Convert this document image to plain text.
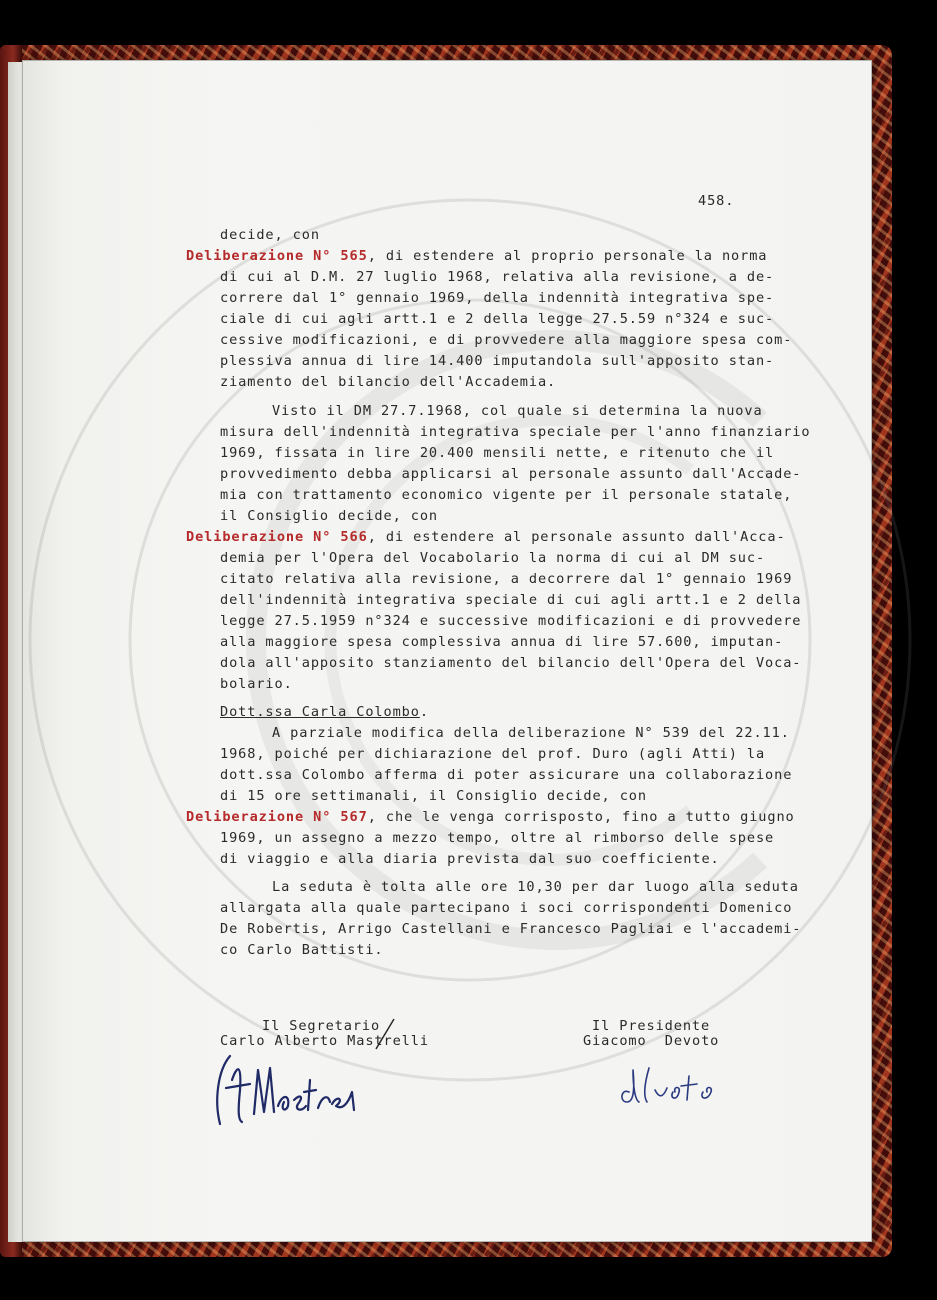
458.
decide, con
Deliberazione N° 565, di estendere al proprio personale la norma
di cui al D.M. 27 luglio 1968, relativa alla revisione, a de-
correre dal 1° gennaio 1969, della indennità integrativa spe-
ciale di cui agli artt.1 e 2 della legge 27.5.59 n°324 e suc-
cessive modificazioni, e di provvedere alla maggiore spesa com-
plessiva annua di lire 14.400 imputandola sull'apposito stan-
ziamento del bilancio dell'Accademia.
Visto il DM 27.7.1968, col quale si determina la nuova
misura dell'indennità integrativa speciale per l'anno finanziario
1969, fissata in lire 20.400 mensili nette, e ritenuto che il
provvedimento debba applicarsi al personale assunto dall'Accade-
mia con trattamento economico vigente per il personale statale,
il Consiglio decide, con
Deliberazione N° 566, di estendere al personale assunto dall'Acca-
demia per l'Opera del Vocabolario la norma di cui al DM suc-
citato relativa alla revisione, a decorrere dal 1° gennaio 1969
dell'indennità integrativa speciale di cui agli artt.1 e 2 della
legge 27.5.1959 n°324 e successive modificazioni e di provvedere
alla maggiore spesa complessiva annua di lire 57.600, imputan-
dola all'apposito stanziamento del bilancio dell'Opera del Voca-
bolario.
Dott.ssa Carla Colombo.
A parziale modifica della deliberazione N° 539 del 22.11.
1968, poiché per dichiarazione del prof. Duro (agli Atti) la
dott.ssa Colombo afferma di poter assicurare una collaborazione
di 15 ore settimanali, il Consiglio decide, con
Deliberazione N° 567, che le venga corrisposto, fino a tutto giugno
1969, un assegno a mezzo tempo, oltre al rimborso delle spese
di viaggio e alla diaria prevista dal suo coefficiente.
La seduta è tolta alle ore 10,30 per dar luogo alla seduta
allargata alla quale partecipano i soci corrispondenti Domenico
De Robertis, Arrigo Castellani e Francesco Pagliai e l'accademi-
co Carlo Battisti.
Il Segretario
Carlo Alberto Mastrelli
Il Presidente
Giacomo  Devoto
